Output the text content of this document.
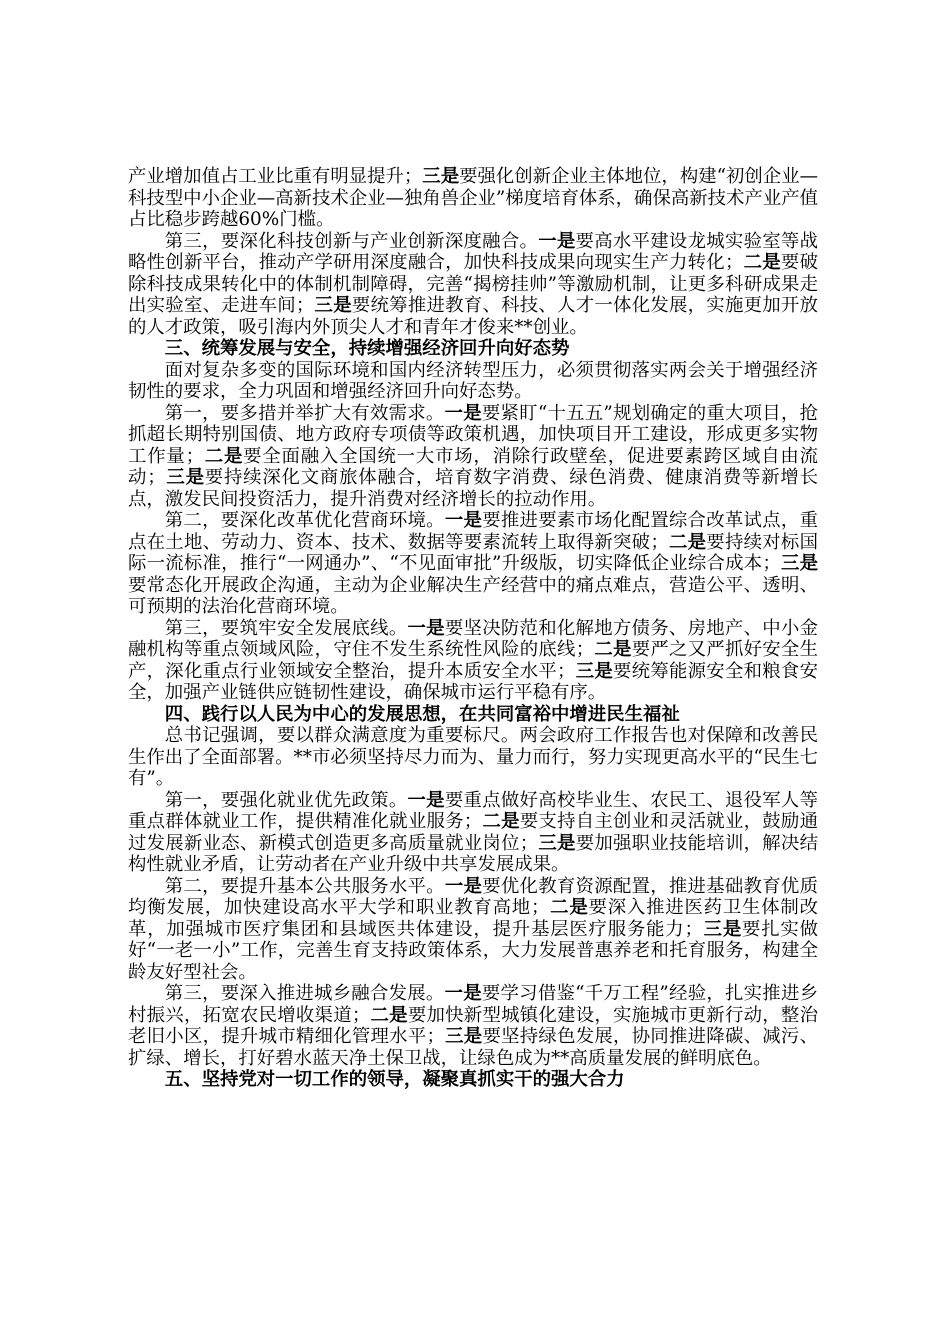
产业增加值占工业比重有明显提升；三是要强化创新企业主体地位，构建“初创企业—科技型中小企业—高新技术企业—独角兽企业”梯度培育体系，确保高新技术产业产值占比稳步跨越60%门槛。

第三，要深化科技创新与产业创新深度融合。一是要高水平建设龙城实验室等战略性创新平台，推动产学研用深度融合，加快科技成果向现实生产力转化；二是要破除科技成果转化中的体制机制障碍，完善“揭榜挂帅”等激励机制，让更多科研成果走出实验室、走进车间；三是要统筹推进教育、科技、人才一体化发展，实施更加开放的人才政策，吸引海内外顶尖人才和青年才俊来**创业。

三、统筹发展与安全，持续增强经济回升向好态势

面对复杂多变的国际环境和国内经济转型压力，必须贯彻落实两会关于增强经济韧性的要求，全力巩固和增强经济回升向好态势。

第一，要多措并举扩大有效需求。一是要紧盯“十五五”规划确定的重大项目，抢抓超长期特别国债、地方政府专项债等政策机遇，加快项目开工建设，形成更多实物工作量；二是要全面融入全国统一大市场，消除行政壁垒，促进要素跨区域自由流动；三是要持续深化文商旅体融合，培育数字消费、绿色消费、健康消费等新增长点，激发民间投资活力，提升消费对经济增长的拉动作用。

第二，要深化改革优化营商环境。一是要推进要素市场化配置综合改革试点，重点在土地、劳动力、资本、技术、数据等要素流转上取得新突破；二是要持续对标国际一流标准，推行“一网通办”、“不见面审批”升级版，切实降低企业综合成本；三是要常态化开展政企沟通，主动为企业解决生产经营中的痛点难点，营造公平、透明、可预期的法治化营商环境。

第三，要筑牢安全发展底线。一是要坚决防范和化解地方债务、房地产、中小金融机构等重点领域风险，守住不发生系统性风险的底线；二是要严之又严抓好安全生产，深化重点行业领域安全整治，提升本质安全水平；三是要统筹能源安全和粮食安全，加强产业链供应链韧性建设，确保城市运行平稳有序。

四、践行以人民为中心的发展思想，在共同富裕中增进民生福祉

总书记强调，要以群众满意度为重要标尺。两会政府工作报告也对保障和改善民生作出了全面部署。**市必须坚持尽力而为、量力而行，努力实现更高水平的“民生七有”。

第一，要强化就业优先政策。一是要重点做好高校毕业生、农民工、退役军人等重点群体就业工作，提供精准化就业服务；二是要支持自主创业和灵活就业，鼓励通过发展新业态、新模式创造更多高质量就业岗位；三是要加强职业技能培训，解决结构性就业矛盾，让劳动者在产业升级中共享发展成果。

第二，要提升基本公共服务水平。一是要优化教育资源配置，推进基础教育优质均衡发展，加快建设高水平大学和职业教育高地；二是要深入推进医药卫生体制改革，加强城市医疗集团和县域医共体建设，提升基层医疗服务能力；三是要扎实做好“一老一小”工作，完善生育支持政策体系，大力发展普惠养老和托育服务，构建全龄友好型社会。

第三，要深入推进城乡融合发展。一是要学习借鉴“千万工程”经验，扎实推进乡村振兴，拓宽农民增收渠道；二是要加快新型城镇化建设，实施城市更新行动，整治老旧小区，提升城市精细化管理水平；三是要坚持绿色发展，协同推进降碳、减污、扩绿、增长，打好碧水蓝天净土保卫战，让绿色成为**高质量发展的鲜明底色。

五、坚持党对一切工作的领导，凝聚真抓实干的强大合力
